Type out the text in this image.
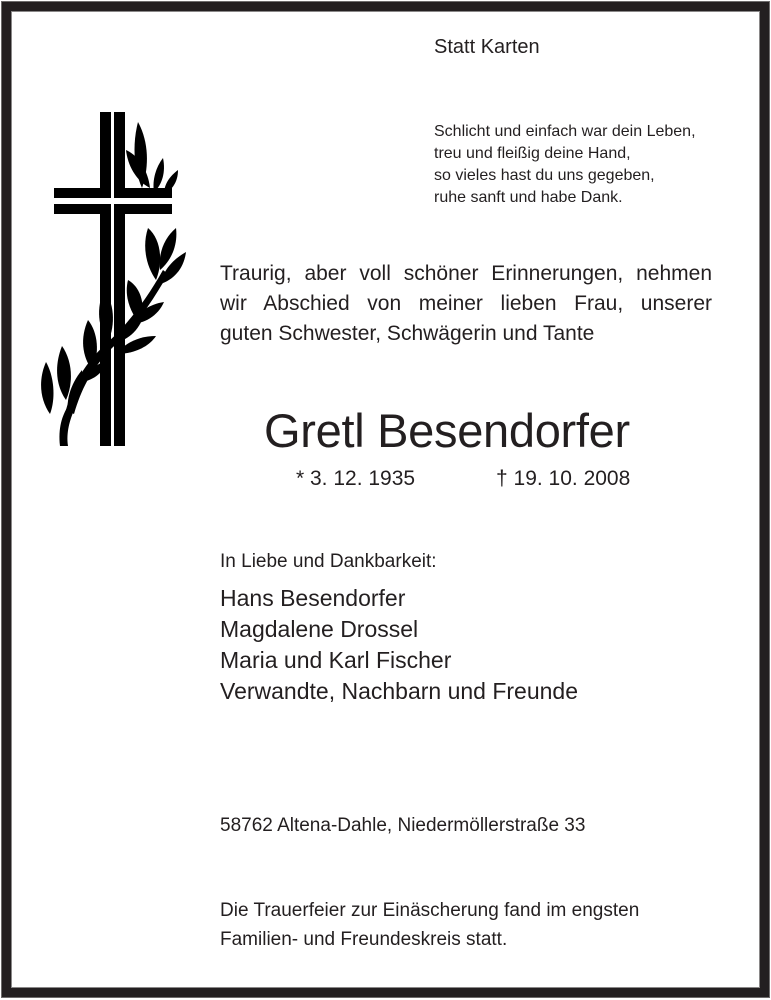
Statt Karten
Schlicht und einfach war dein Leben,
treu und fleißig deine Hand,
so vieles hast du uns gegeben,
ruhe sanft und habe Dank.
Traurig, aber voll schöner Erinnerungen, nehmen
wir Abschied von meiner lieben Frau, unserer
guten Schwester, Schwägerin und Tante
Gretl Besendorfer
* 3. 12. 1935	† 19. 10. 2008
In Liebe und Dankbarkeit:
Hans Besendorfer
Magdalene Drossel
Maria und Karl Fischer
Verwandte, Nachbarn und Freunde
58762 Altena-Dahle, Niedermöllerstraße 33
Die Trauerfeier zur Einäscherung fand im engsten
Familien- und Freundeskreis statt.
